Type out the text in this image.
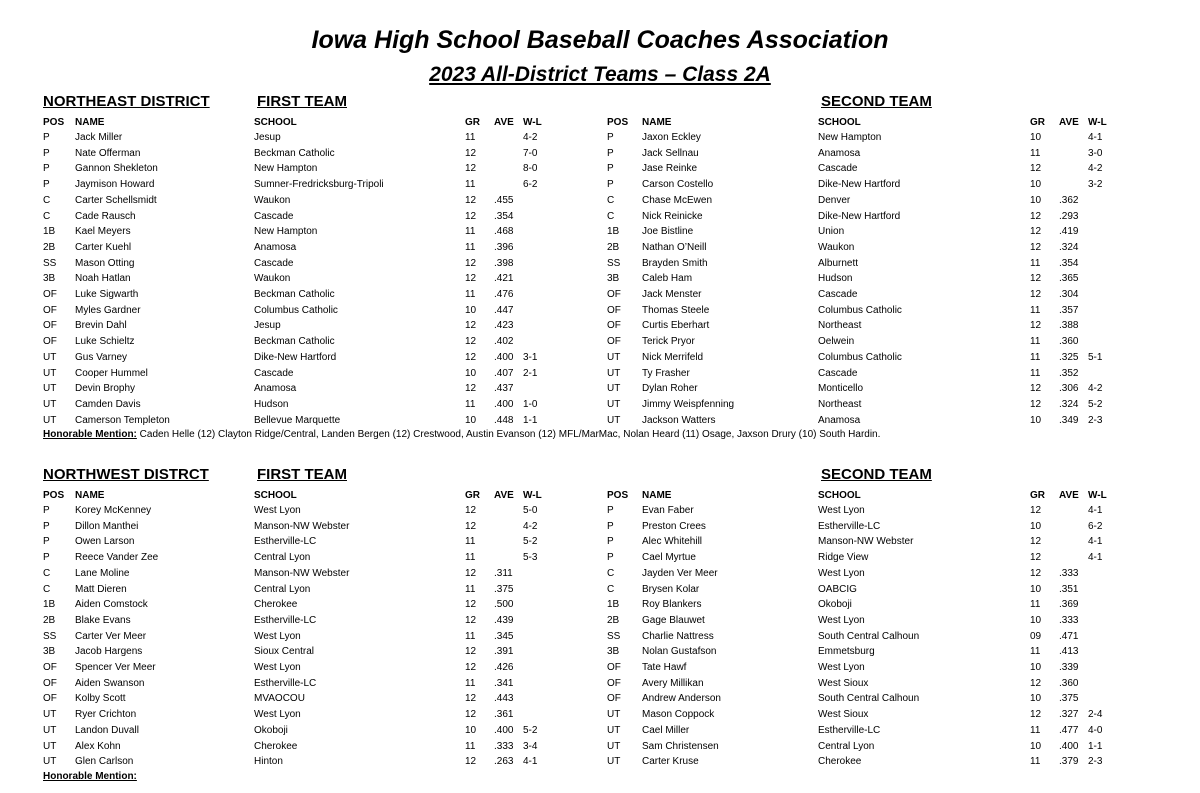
Iowa High School Baseball Coaches Association
2023 All-District Teams – Class 2A
NORTHEAST DISTRICT	FIRST TEAM	SECOND TEAM
POS NAME	SCHOOL	GR AVE W-L
P	Jack Miller	Jesup	11	4-2
P	Nate Offerman	Beckman Catholic	12	7-0
P	Gannon Shekleton	New Hampton	12	8-0
P	Jaymison Howard	Sumner-Fredricksburg-Tripoli	11	6-2
C Carter Schellsmidt	Waukon	12 .455
C Cade Rausch	Cascade	12 .354
1B Kael Meyers	New Hampton	11 .468
2B Carter Kuehl	Anamosa	11 .396
SS Mason Otting	Cascade	12 .398
3B Noah Hatlan	Waukon	12 .421
OF Luke Sigwarth	Beckman Catholic	11 .476
OF Myles Gardner	Columbus Catholic	10 .447
OF Brevin Dahl	Jesup	12 .423
OF Luke Schieltz	Beckman Catholic	12 .402
UT Gus Varney	Dike-New Hartford	12 .400 3-1
UT Cooper Hummel	Cascade	10 .407 2-1
UT Devin Brophy	Anamosa	12 .437
UT Camden Davis	Hudson	11 .400 1-0
UT Camerson Templeton	Bellevue Marquette	10 .448 1-1
POS NAME	SCHOOL	GR AVE W-L
P	Jaxon Eckley	New Hampton	10	4-1
P	Jack Sellnau	Anamosa	11	3-0
P	Jase Reinke	Cascade	12	4-2
P	Carson Costello	Dike-New Hartford	10	3-2
C	Chase McEwen	Denver	10 .362
C	Nick Reinicke	Dike-New Hartford	12 .293
1B Joe Bistline	Union	12 .419
2B Nathan O’Neill	Waukon	12 .324
SS Brayden Smith	Alburnett	11 .354
3B Caleb Ham	Hudson	12 .365
OF Jack Menster	Cascade	12 .304
OF Thomas Steele	Columbus Catholic	11 .357
OF Curtis Eberhart	Northeast	12 .388
OF Terick Pryor	Oelwein	11 .360
UT Nick Merrifeld	Columbus Catholic	11 .325 5-1
UT Ty Frasher	Cascade	11 .352
UT Dylan Roher	Monticello	12 .306 4-2
UT Jimmy Weispfenning	Northeast	12 .324 5-2
UT Jackson Watters	Anamosa	10 .349 2-3
Honorable Mention: Caden Helle (12) Clayton Ridge/Central, Landen Bergen (12) Crestwood, Austin Evanson (12) MFL/MarMac, Nolan Heard (11) Osage, Jaxson Drury (10) South Hardin.
NORTHWEST DISTRCT	FIRST TEAM	SECOND TEAM
POS NAME	SCHOOL	GR AVE W-L
P	Korey McKenney	West Lyon	12	5-0
P	Dillon Manthei	Manson-NW Webster	12	4-2
P	Owen Larson	Estherville-LC	11	5-2
P	Reece Vander Zee	Central Lyon	11	5-3
C Lane Moline	Manson-NW Webster	12 .311
C Matt Dieren	Central Lyon	11 .375
1B Aiden Comstock	Cherokee	12 .500
2B Blake Evans	Estherville-LC	12 .439
SS Carter Ver Meer	West Lyon	11 .345
3B Jacob Hargens	Sioux Central	12 .391
OF Spencer Ver Meer	West Lyon	12 .426
OF Aiden Swanson	Estherville-LC	11 .341
OF Kolby Scott	MVAOCOU	12 .443
UT Ryer Crichton	West Lyon	12 .361
UT Landon Duvall	Okoboji	10 .400 5-2
UT Alex Kohn	Cherokee	11 .333 3-4
UT Glen Carlson	Hinton	12 .263 4-1
POS NAME	SCHOOL	GR AVE W-L
P	Evan Faber	West Lyon	12	4-1
P	Preston Crees	Estherville-LC	10	6-2
P	Alec Whitehill	Manson-NW Webster	12	4-1
P	Cael Myrtue	Ridge View	12	4-1
C	Jayden Ver Meer	West Lyon	12 .333
C	Brysen Kolar	OABCIG	10 .351
1B Roy Blankers	Okoboji	11 .369
2B Gage Blauwet	West Lyon	10 .333
SS Charlie Nattress	South Central Calhoun	09 .471
3B Nolan Gustafson	Emmetsburg	11 .413
OF Tate Hawf	West Lyon	10 .339
OF Avery Millikan	West Sioux	12 .360
OF Andrew Anderson	South Central Calhoun	10 .375
UT Mason Coppock	West Sioux	12 .327 2-4
UT Cael Miller	Estherville-LC	11 .477 4-0
UT Sam Christensen	Central Lyon	10 .400 1-1
UT Carter Kruse	Cherokee	11 .379 2-3
Honorable Mention:
